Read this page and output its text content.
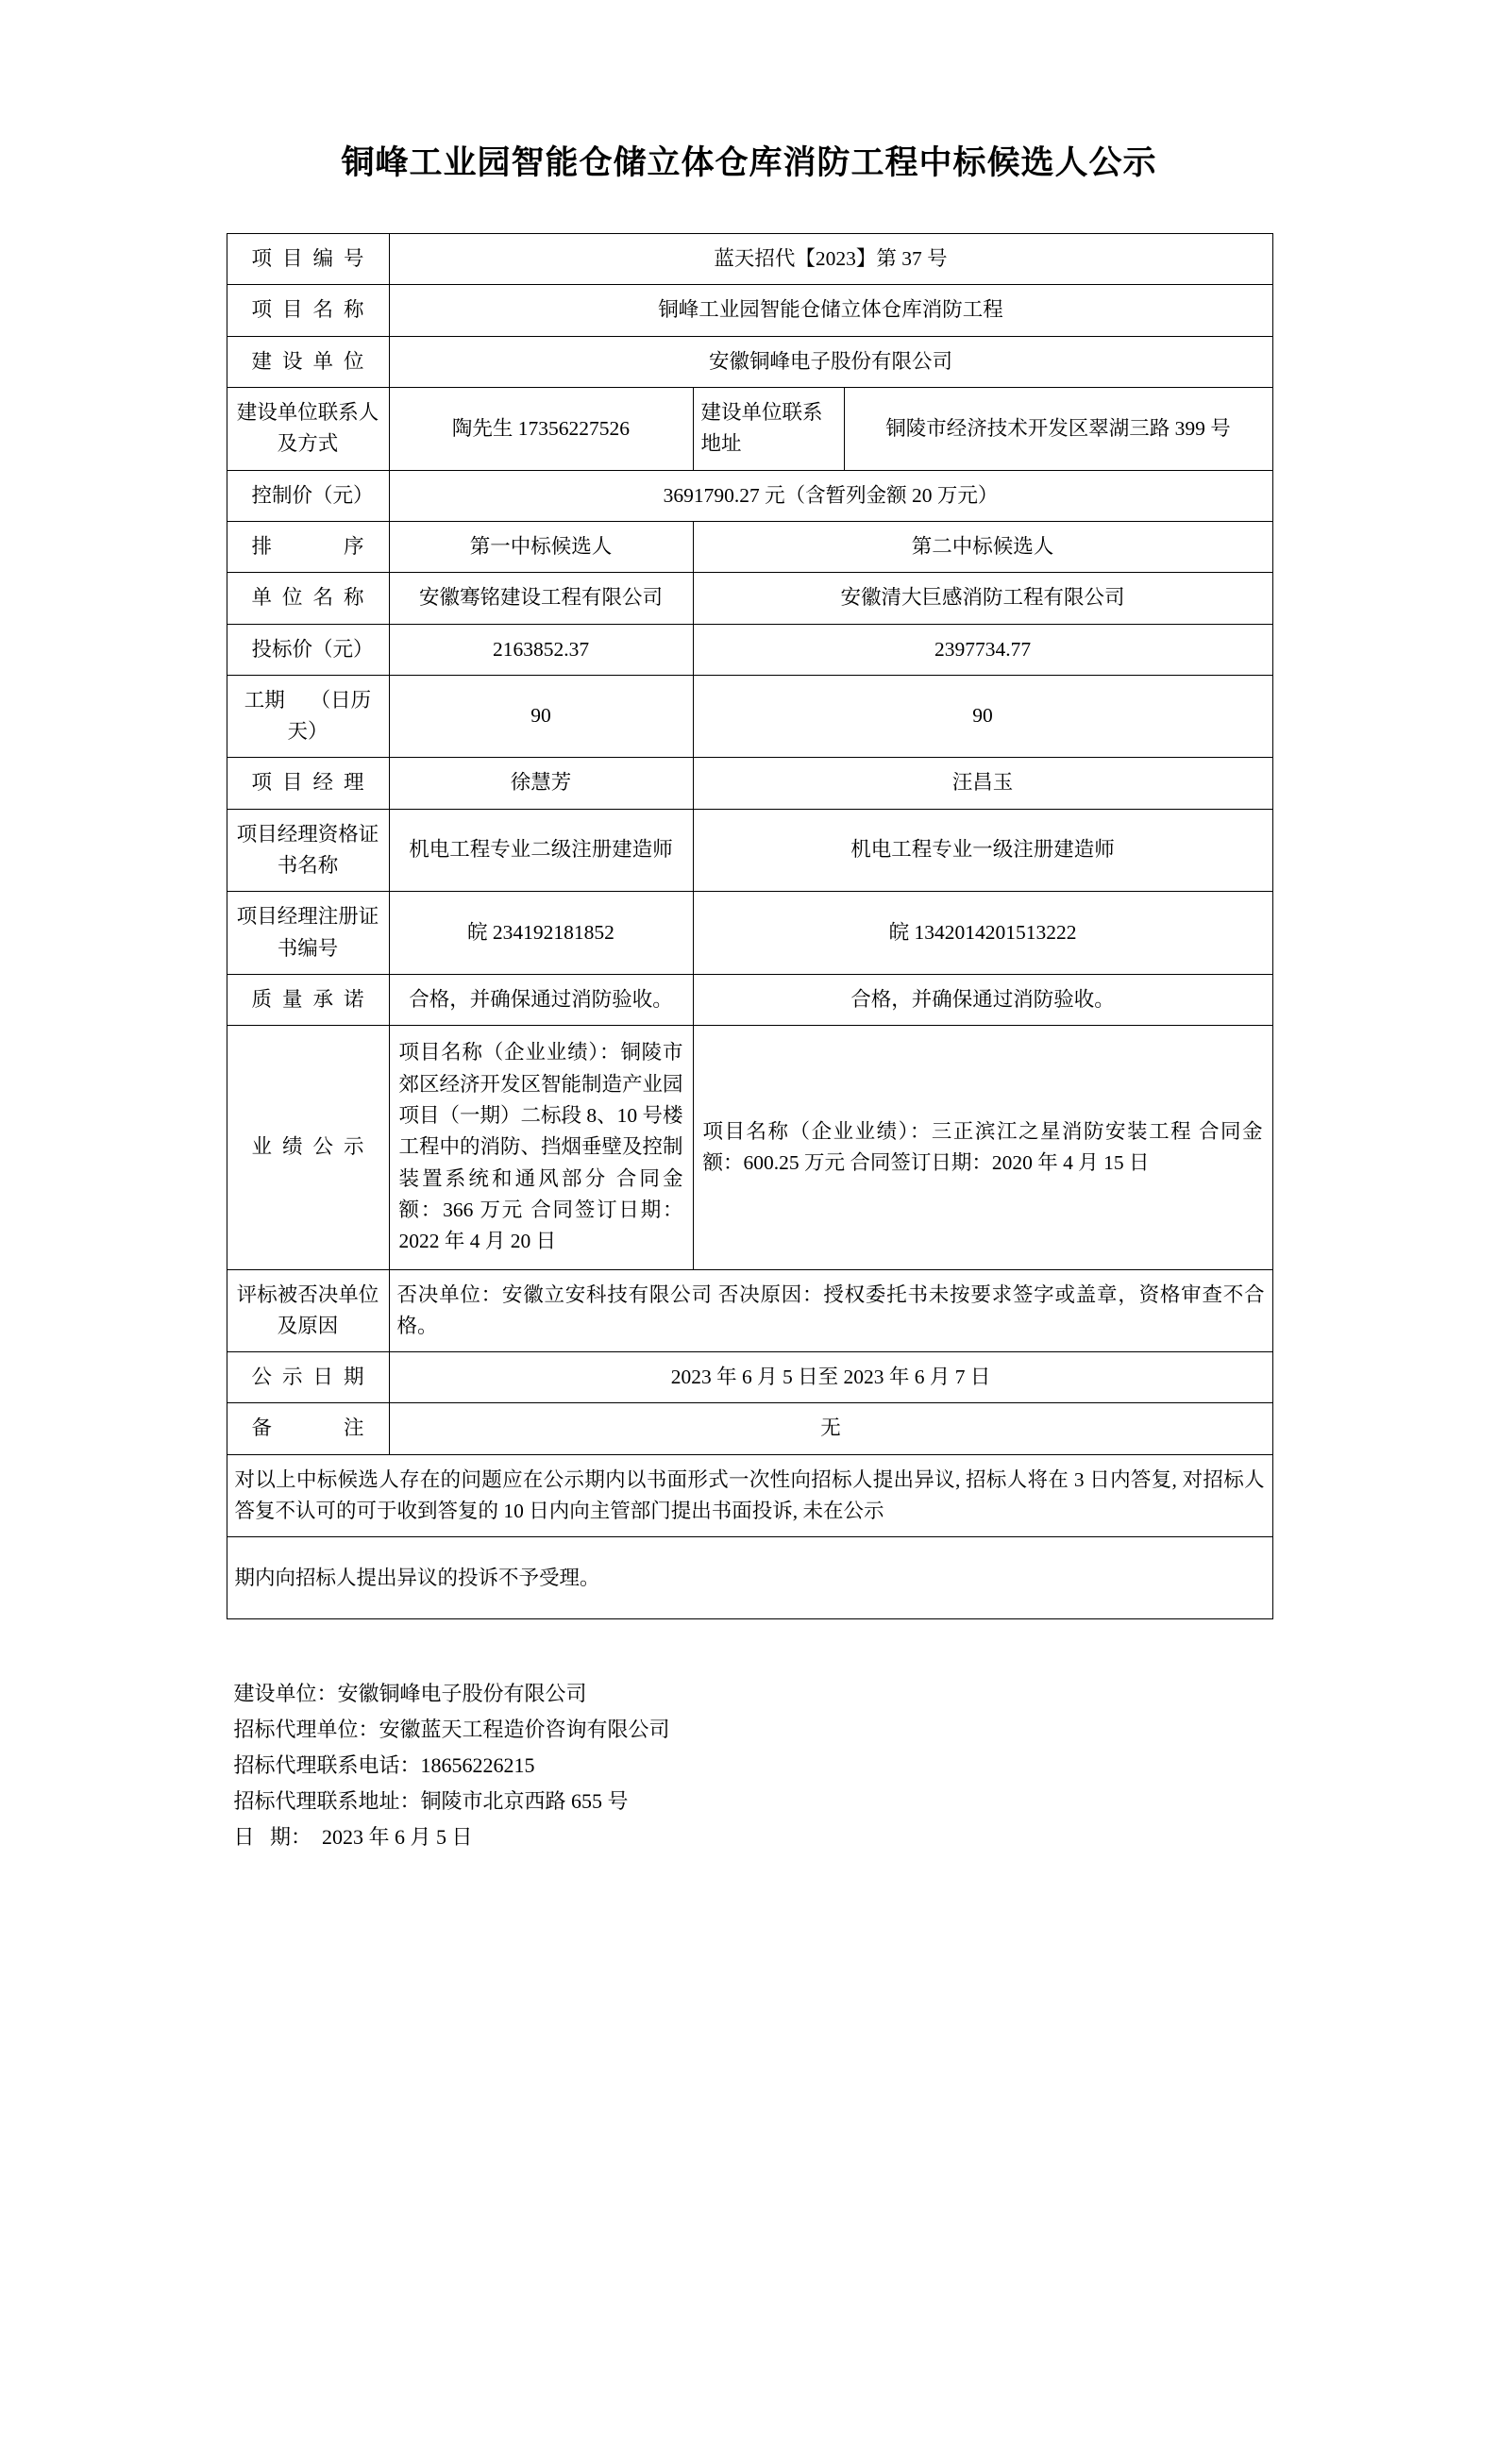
铜峰工业园智能仓储立体仓库消防工程中标候选人公示
项目编号	蓝天招代【2023】第 37 号		
项目名称	铜峰工业园智能仓储立体仓库消防工程		
建设单位	安徽铜峰电子股份有限公司		
建设单位联系人及方式	陶先生 17356227526	建设单位联系地址	铜陵市经济技术开发区翠湖三路 399 号
控制价（元）	3691790.27 元（含暂列金额 20 万元）		
排序	第一中标候选人	第二中标候选人	
单位名称	安徽骞铭建设工程有限公司	安徽清大巨感消防工程有限公司	
投标价（元）	2163852.37	2397734.77	
工期     （日历天）	90	90	
项目经理	徐慧芳	汪昌玉	
项目经理资格证书名称	机电工程专业二级注册建造师	机电工程专业一级注册建造师	
项目经理注册证书编号	皖 234192181852	皖 1342014201513222	
质量承诺	合格，并确保通过消防验收。	合格，并确保通过消防验收。	
业绩公示	项目名称（企业业绩）：铜陵市郊区经济开发区智能制造产业园项目（一期）二标段 8、10 号楼工程中的消防、挡烟垂壁及控制装置系统和通风部分 合同金额：366 万元 合同签订日期：2022 年 4 月 20 日	项目名称（企业业绩）：三正滨江之星消防安装工程 合同金额：600.25 万元 合同签订日期：2020 年 4 月 15 日	
评标被否决单位及原因	否决单位：安徽立安科技有限公司 否决原因：授权委托书未按要求签字或盖章，资格审查不合格。		
公示日期	2023 年 6 月 5 日至 2023 年 6 月 7 日		
备注	无		
对以上中标候选人存在的问题应在公示期内以书面形式一次性向招标人提出异议, 招标人将在 3 日内答复, 对招标人答复不认可的可于收到答复的 10 日内向主管部门提出书面投诉, 未在公示			
期内向招标人提出异议的投诉不予受理。			
建设单位：安徽铜峰电子股份有限公司
招标代理单位：安徽蓝天工程造价咨询有限公司
招标代理联系电话：18656226215
招标代理联系地址：铜陵市北京西路 655 号
日   期：  2023 年 6 月 5 日
